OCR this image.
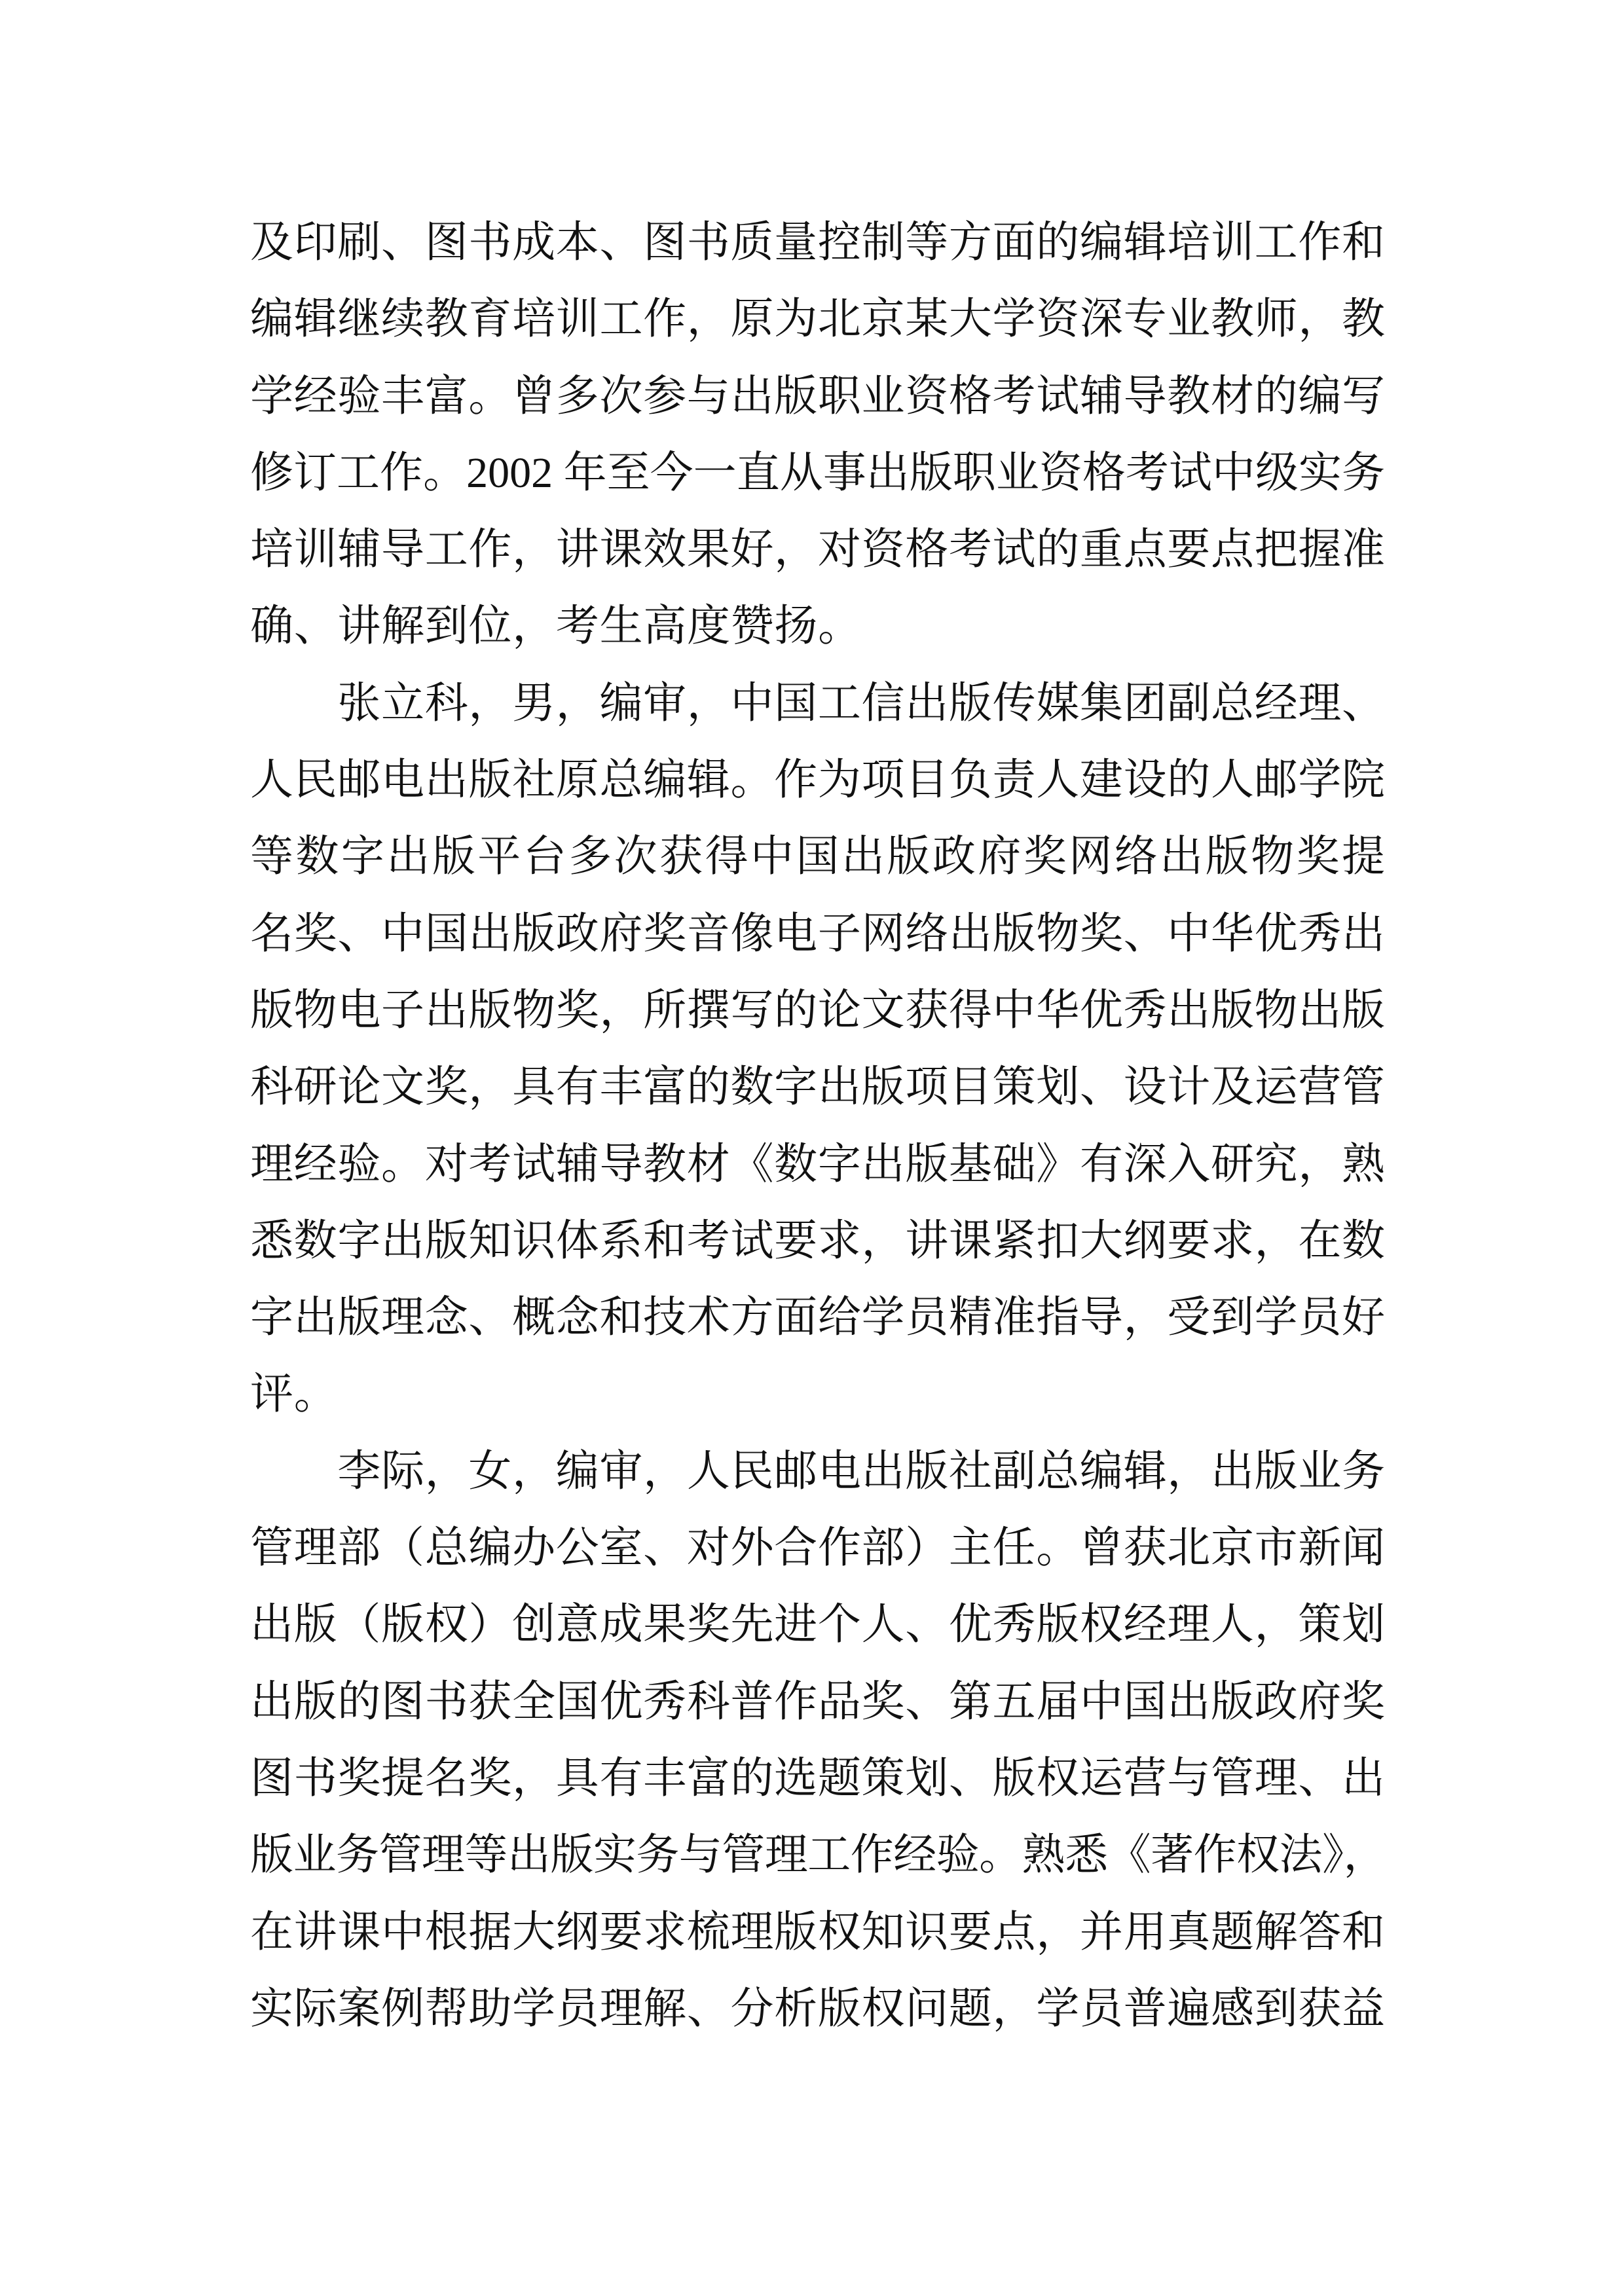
及印刷、图书成本、图书质量控制等方面的编辑培训工作和
编辑继续教育培训工作，原为北京某大学资深专业教师，教
学经验丰富。曾多次参与出版职业资格考试辅导教材的编写
修订工作。2002 年至今一直从事出版职业资格考试中级实务
培训辅导工作，讲课效果好，对资格考试的重点要点把握准
确、讲解到位，考生高度赞扬。
张立科，男，编审，中国工信出版传媒集团副总经理、
人民邮电出版社原总编辑。作为项目负责人建设的人邮学院
等数字出版平台多次获得中国出版政府奖网络出版物奖提
名奖、中国出版政府奖音像电子网络出版物奖、中华优秀出
版物电子出版物奖，所撰写的论文获得中华优秀出版物出版
科研论文奖，具有丰富的数字出版项目策划、设计及运营管
理经验。对考试辅导教材《数字出版基础》有深入研究，熟
悉数字出版知识体系和考试要求，讲课紧扣大纲要求，在数
字出版理念、概念和技术方面给学员精准指导，受到学员好
评。
李际，女，编审，人民邮电出版社副总编辑，出版业务
管理部（总编办公室、对外合作部）主任。曾获北京市新闻
出版（版权）创意成果奖先进个人、优秀版权经理人，策划
出版的图书获全国优秀科普作品奖、第五届中国出版政府奖
图书奖提名奖，具有丰富的选题策划、版权运营与管理、出
版业务管理等出版实务与管理工作经验。熟悉《著作权法》，
在讲课中根据大纲要求梳理版权知识要点，并用真题解答和
实际案例帮助学员理解、分析版权问题，学员普遍感到获益
